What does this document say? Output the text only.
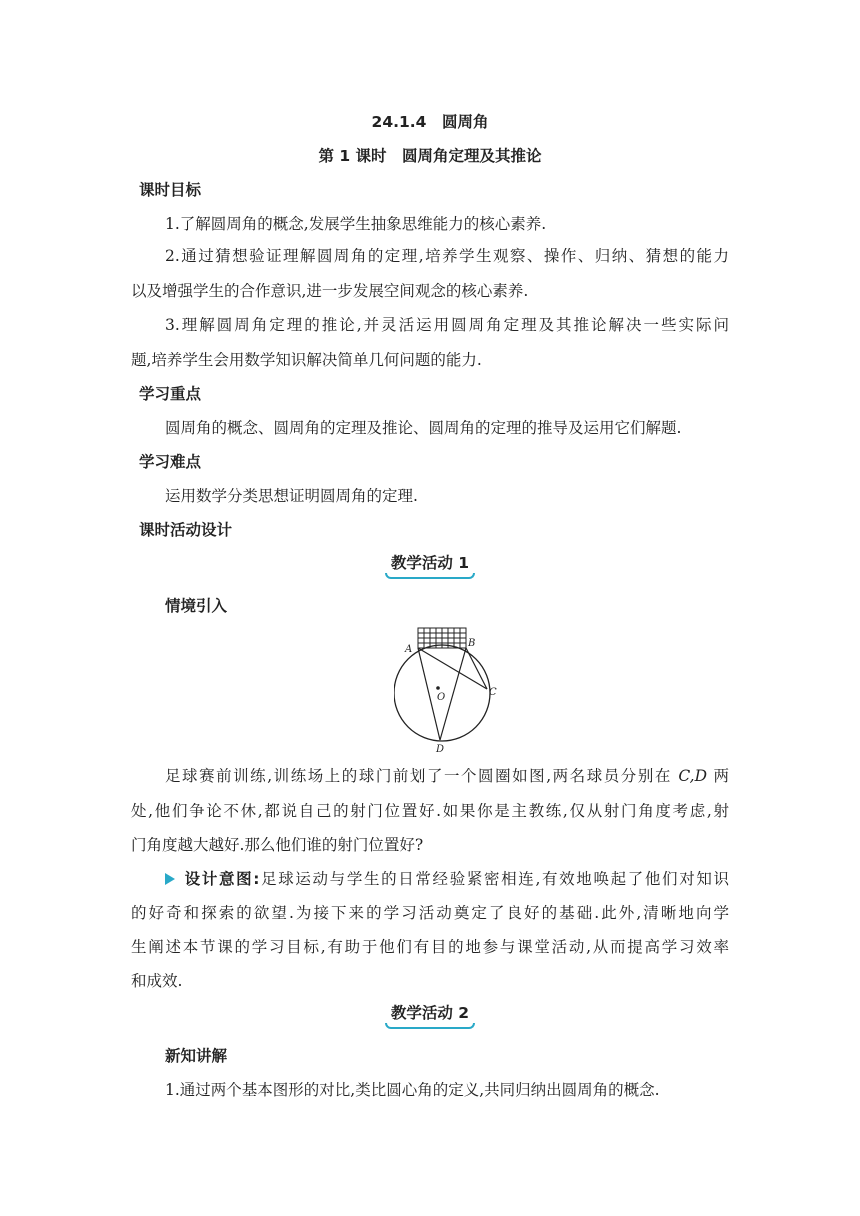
24.1.4　圆周角
第 1 课时　圆周角定理及其推论
课时目标
1.了解圆周角的概念,发展学生抽象思维能力的核心素养.
2.通过猜想验证理解圆周角的定理,培养学生观察、操作、归纳、猜想的能力
以及增强学生的合作意识,进一步发展空间观念的核心素养.
3.理解圆周角定理的推论,并灵活运用圆周角定理及其推论解决一些实际问
题,培养学生会用数学知识解决简单几何问题的能力.
学习重点
圆周角的概念、圆周角的定理及推论、圆周角的定理的推导及运用它们解题.
学习难点
运用数学分类思想证明圆周角的定理.
课时活动设计
教学活动 1
情境引入
A
B
C
O
D
足球赛前训练,训练场上的球门前划了一个圆圈如图,两名球员分别在 C,D 两
处,他们争论不休,都说自己的射门位置好.如果你是主教练,仅从射门角度考虑,射
门角度越大越好.那么他们谁的射门位置好?
设计意图:足球运动与学生的日常经验紧密相连,有效地唤起了他们对知识
的好奇和探索的欲望.为接下来的学习活动奠定了良好的基础.此外,清晰地向学
生阐述本节课的学习目标,有助于他们有目的地参与课堂活动,从而提高学习效率
和成效.
教学活动 2
新知讲解
1.通过两个基本图形的对比,类比圆心角的定义,共同归纳出圆周角的概念.
